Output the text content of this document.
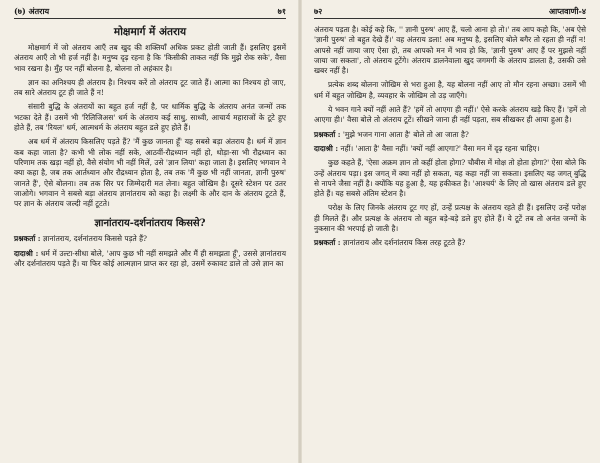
(७) अंतराय	७१
मोक्षमार्ग में अंतराय

मोक्षमार्ग में जो अंतराय आएँ तब खुद की शक्तियाँ अधिक प्रकट होती जाती हैं। इसलिए इसमें अंतराय आएँ तो भी हर्ज नहीं है। मनुष्य दृढ़ रहना है कि 'किसीकी ताकत नहीं कि मुझे रोक सके', वैसा भाव रखना है। मुँह पर नहीं बोलना है, बोलना तो अहंकार है।

ज्ञान का अनिश्चय ही अंतराय है। निश्चय करें तो अंतराय टूट जाते हैं। आत्मा का निश्चय हो जाए, तब सारे अंतराय टूट ही जाते हैं न!

संसारी बुद्धि के अंतरायों का बहुत हर्ज नहीं है, पर धार्मिक बुद्धि के अंतराय अनंत जन्मों तक भटका देते हैं। उसमें भी 'रिलिजिअस' धर्म के अंतराय कई साधु, साध्वी, आचार्य महाराजों के टूटे हुए होते हैं, तब 'रियल' धर्म, आत्मधर्म के अंतराय बहुत डले हुए होते हैं।

अब धर्म में अंतराय किसलिए पड़ते हैं? 'मैं कुछ जानता हूँ' यह सबसे बड़ा अंतराय है। धर्म में ज्ञान कब कहा जाता है? कभी भी लोक नहीं सके, आठवीं-रौद्रध्यान नहीं हो, थोड़ा-सा भी रौद्रध्यान का परिणाम तक खड़ा नहीं हो, वैसे संयोग भी नहीं मिलें, उसे 'ज्ञान लिया' कहा जाता है। इसलिए भगवान ने क्या कहा है, जब तक आर्तध्यान और रौद्रध्यान होता है, तब तक 'मैं कुछ भी नहीं जानता, ज्ञानी पुरुष' जानते हैं', ऐसे बोलना। तब तक सिर पर जिम्मेदारी मत लेना। बहुत जोखिम है। दूसरे स्टेशन पर उतर जाओगे। भगवान ने सबसे बड़ा अंतराय ज्ञानांतराय को कहा है। लक्ष्मी के और दान के अंतराय टूटते हैं, पर ज्ञान के अंतराय जल्दी नहीं टूटते।

ज्ञानांतराय-दर्शनांतराय किससे?

प्रश्नकर्ता : ज्ञानांतराय, दर्शनांतराय किससे पड़ते हैं?

दादाश्री : धर्म में उल्टा-सीधा बोले, 'आप कुछ भी नहीं समझते और मैं ही समझता हूँ', उससे ज्ञानांतराय और दर्शनांतराय पड़ते हैं। या फिर कोई आत्मज्ञान प्राप्त कर रहा हो, उसमें रुकावट डाले तो उसे ज्ञान का

७२	आप्तवाणी-४

अंतराय पड़ता है। कोई कहे कि, '' ज्ञानी पुरुष' आए हैं, चलो आना हो तो।' तब आप कहो कि, 'अब ऐसे 'ज्ञानी पुरुष' तो बहुत देखे हैं।' वह अंतराय डला! अब मनुष्य है, इसलिए बोले बगैर तो रहता ही नहीं न! आपसे नहीं जाया जाए ऐसा हो, तब आपको मन में भाव हो कि, 'ज्ञानी पुरुष' आए हैं पर मुझसे नहीं जाया जा सकता', तो अंतराय टूटेंगे। अंतराय डालनेवाला खुद जगमगी के अंतराय डालता है, उसकी उसे खबर नहीं है।

प्रत्येक शब्द बोलना जोखिम से भरा हुआ है, यह बोलना नहीं आए तो मौन रहना अच्छा। उसमें भी धर्म में बहुत जोखिम है, व्यवहार के जोखिम तो उड़ जाएँगे।

ये भवन गाने क्यों नहीं आते हैं? 'हमें तो आएगा ही नहीं।' ऐसे करके अंतराय खड़े किए हैं। 'हमें तो आएगा ही।' वैसा बोले तो अंतराय टूटें। सीखने जाना ही नहीं पड़ता, सब सीखकर ही आया हुआ है।

प्रश्नकर्ता : 'मुझे भजन गाना आता है' बोले तो आ जाता है?

दादाश्री : नहीं। 'आता है' वैसा नहीं। 'क्यों नहीं आएगा?' वैसा मन में दृढ़ रहना चाहिए।

कुछ कहते हैं, 'ऐसा अक्रम ज्ञान तो कहीं होता होगा? चौबीस में मोक्ष तो होता होगा?' ऐसा बोले कि उन्हें अंतराय पड़ा। इस जगत् में क्या नहीं हो सकता, यह कहा नहीं जा सकता। इसलिए यह जगत् बुद्धि से नापने जैसा नहीं है। क्योंकि यह हुआ है, यह हकीकत है। 'आश्चर्य' के लिए तो खास अंतराय डले हुए होते हैं। यह सबसे अंतिम स्टेशन है।

परोक्ष के लिए जिनके अंतराय टूट गए हों, उन्हें प्रत्यक्ष के अंतराय रहते ही हैं। इसलिए उन्हें परोक्ष ही मिलते हैं। और प्रत्यक्ष के अंतराय तो बहुत बड़े-बड़े डले हुए होते हैं। ये टूटें तब तो अनंत जन्मों के नुकसान की भरपाई हो जाती है।

प्रश्नकर्ता : ज्ञानांतराय और दर्शनांतराय किस तरह टूटते हैं?
